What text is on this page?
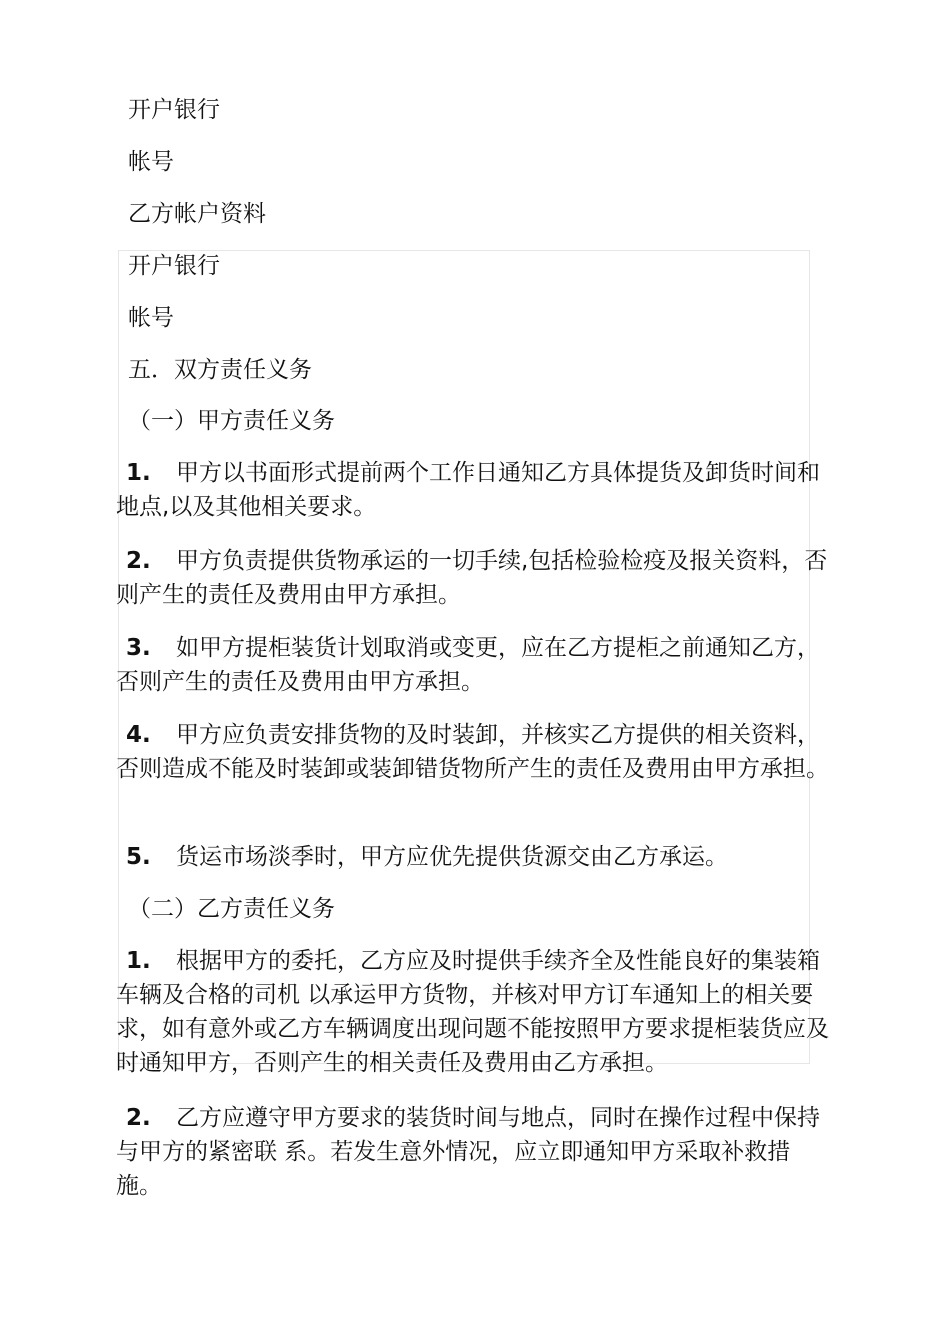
开户银行
帐号
乙方帐户资料
开户银行
帐号
五．双方责任义务
（一）甲方责任义务
1. 甲方以书面形式提前两个工作日通知乙方具体提货及卸货时间和地点,以及其他相关要求。
2. 甲方负责提供货物承运的一切手续,包括检验检疫及报关资料，否则产生的责任及费用由甲方承担。
3. 如甲方提柜装货计划取消或变更，应在乙方提柜之前通知乙方，否则产生的责任及费用由甲方承担。
4. 甲方应负责安排货物的及时装卸，并核实乙方提供的相关资料，否则造成不能及时装卸或装卸错货物所产生的责任及费用由甲方承担。
5. 货运市场淡季时，甲方应优先提供货源交由乙方承运。
（二）乙方责任义务
1. 根据甲方的委托，乙方应及时提供手续齐全及性能良好的集装箱车辆及合格的司机 以承运甲方货物，并核对甲方订车通知上的相关要求，如有意外或乙方车辆调度出现问题不能按照甲方要求提柜装货应及时通知甲方，否则产生的相关责任及费用由乙方承担。
2. 乙方应遵守甲方要求的装货时间与地点，同时在操作过程中保持与甲方的紧密联 系。若发生意外情况，应立即通知甲方采取补救措施。
